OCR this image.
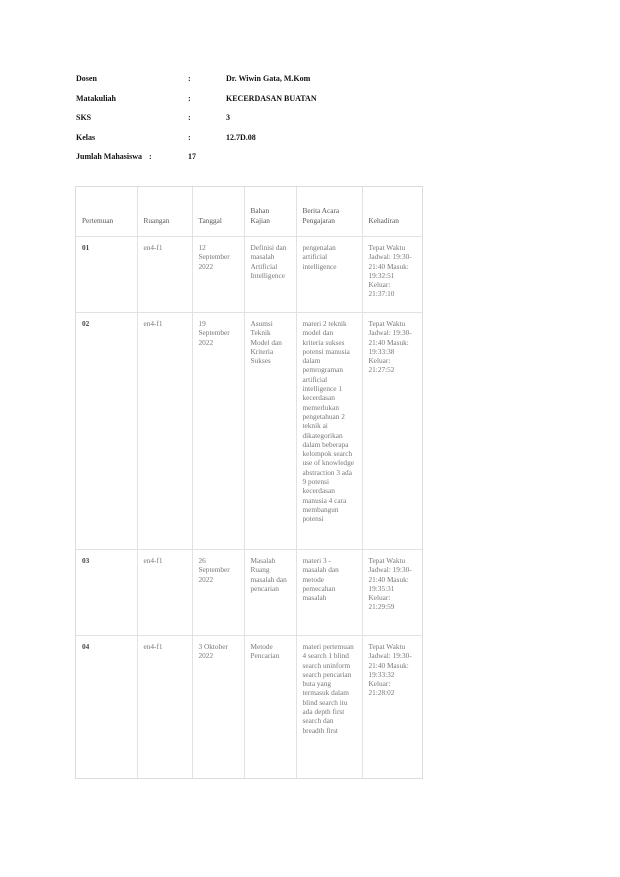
Dosen	:	Dr. Wiwin Gata, M.Kom
Matakuliah	:	KECERDASAN BUATAN
SKS	:	3
Kelas	:	12.7D.08
Jumlah Mahasiswa :	17
Pertemuan	Ruangan	Tanggal	Bahan Kajian	Berita Acara Pengajaran	Kehadiran
01	en4-f1	12 September 2022	Definisi dan masalah Artificial Intelligence	pengenalan artificial intelligence	Tepat Waktu Jadwal: 19:30-21:40 Masuk: 19:32:51 Keluar: 21:37:10
02	en4-f1	19 September 2022	Asumsi Teknik Model dan Kriteria Sukses	materi 2 teknik model dan kriteria sukses potensi manusia dalam pemrograman artificial intelligence 1 kecerdasan memerlukan pengetahuan 2 teknik ai dikategorikan dalam beberapa kelompok search use of knowledge abstraction 3 ada 9 potensi kecerdasan manusia 4 cara membangun potensi	Tepat Waktu Jadwal: 19:30-21:40 Masuk: 19:33:38 Keluar: 21:27:52
03	en4-f1	26 September 2022	Masalah Ruang masalah dan pencarian	materi 3 - masalah dan metode pemecahan masalah	Tepat Waktu Jadwal: 19:30-21:40 Masuk: 19:35:31 Keluar: 21:29:59
04	en4-f1	3 Oktober 2022	Metode Pencarian	materi pertemuan 4 search 1 blind search uninform search pencarian buta yang termasuk dalam blind search itu ada depth first search dan breadth first	Tepat Waktu Jadwal: 19:30-21:40 Masuk: 19:33:32 Keluar: 21:28:02
